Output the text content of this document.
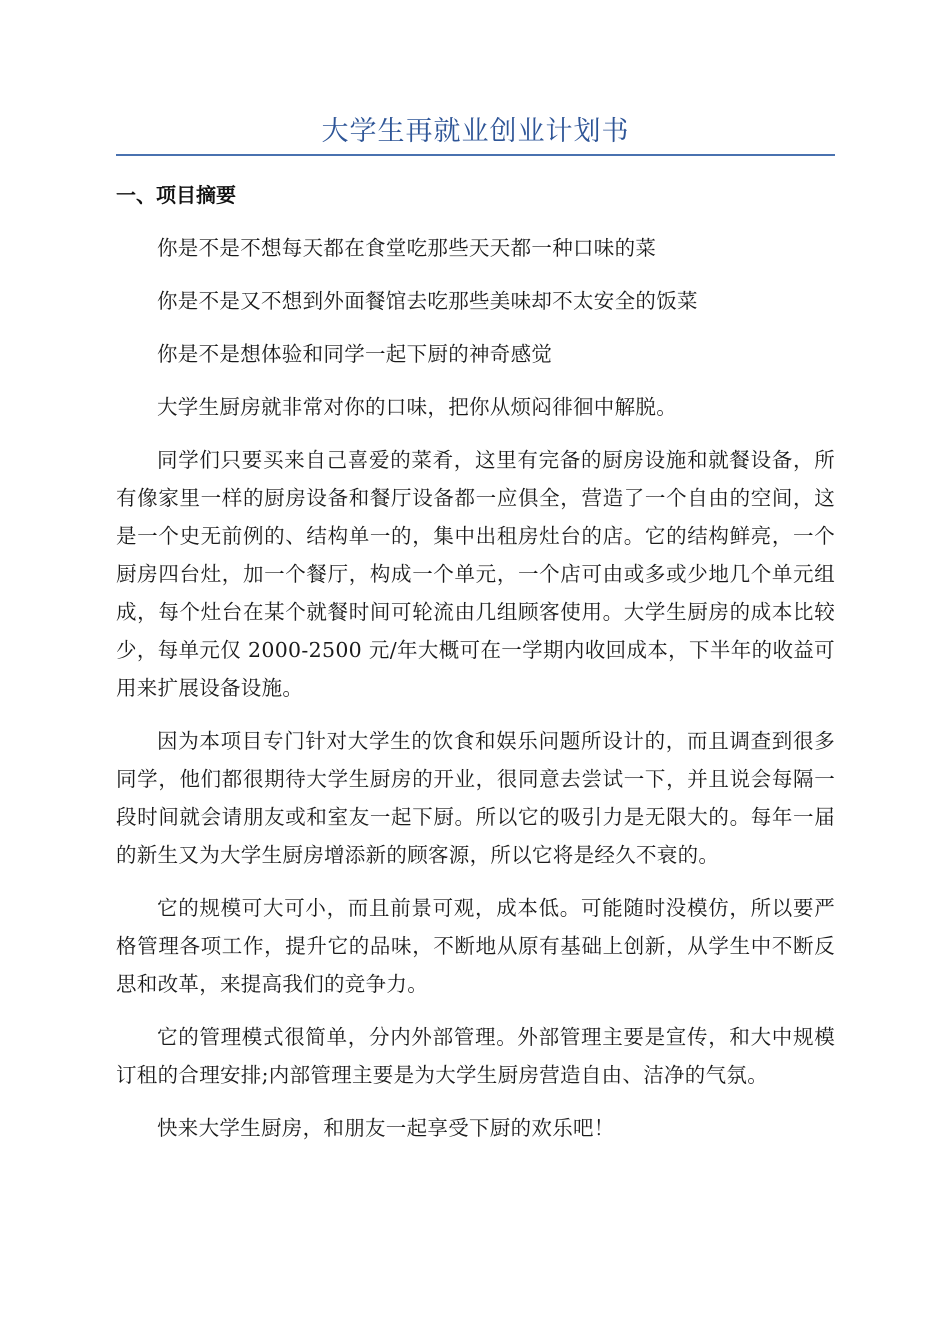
大学生再就业创业计划书
一、项目摘要

你是不是不想每天都在食堂吃那些天天都一种口味的菜

你是不是又不想到外面餐馆去吃那些美味却不太安全的饭菜

你是不是想体验和同学一起下厨的神奇感觉

大学生厨房就非常对你的口味，把你从烦闷徘徊中解脱。

同学们只要买来自己喜爱的菜肴，这里有完备的厨房设施和就餐设备，所有像家里一样的厨房设备和餐厅设备都一应俱全，营造了一个自由的空间，这是一个史无前例的、结构单一的，集中出租房灶台的店。它的结构鲜亮，一个厨房四台灶，加一个餐厅，构成一个单元，一个店可由或多或少地几个单元组成，每个灶台在某个就餐时间可轮流由几组顾客使用。大学生厨房的成本比较少，每单元仅 2000-2500 元/年大概可在一学期内收回成本，下半年的收益可用来扩展设备设施。

因为本项目专门针对大学生的饮食和娱乐问题所设计的，而且调查到很多同学，他们都很期待大学生厨房的开业，很同意去尝试一下，并且说会每隔一段时间就会请朋友或和室友一起下厨。所以它的吸引力是无限大的。每年一届的新生又为大学生厨房增添新的顾客源，所以它将是经久不衰的。

它的规模可大可小，而且前景可观，成本低。可能随时没模仿，所以要严格管理各项工作，提升它的品味，不断地从原有基础上创新，从学生中不断反思和改革，来提高我们的竞争力。

它的管理模式很简单，分内外部管理。外部管理主要是宣传，和大中规模订租的合理安排;内部管理主要是为大学生厨房营造自由、洁净的气氛。

快来大学生厨房，和朋友一起享受下厨的欢乐吧！
